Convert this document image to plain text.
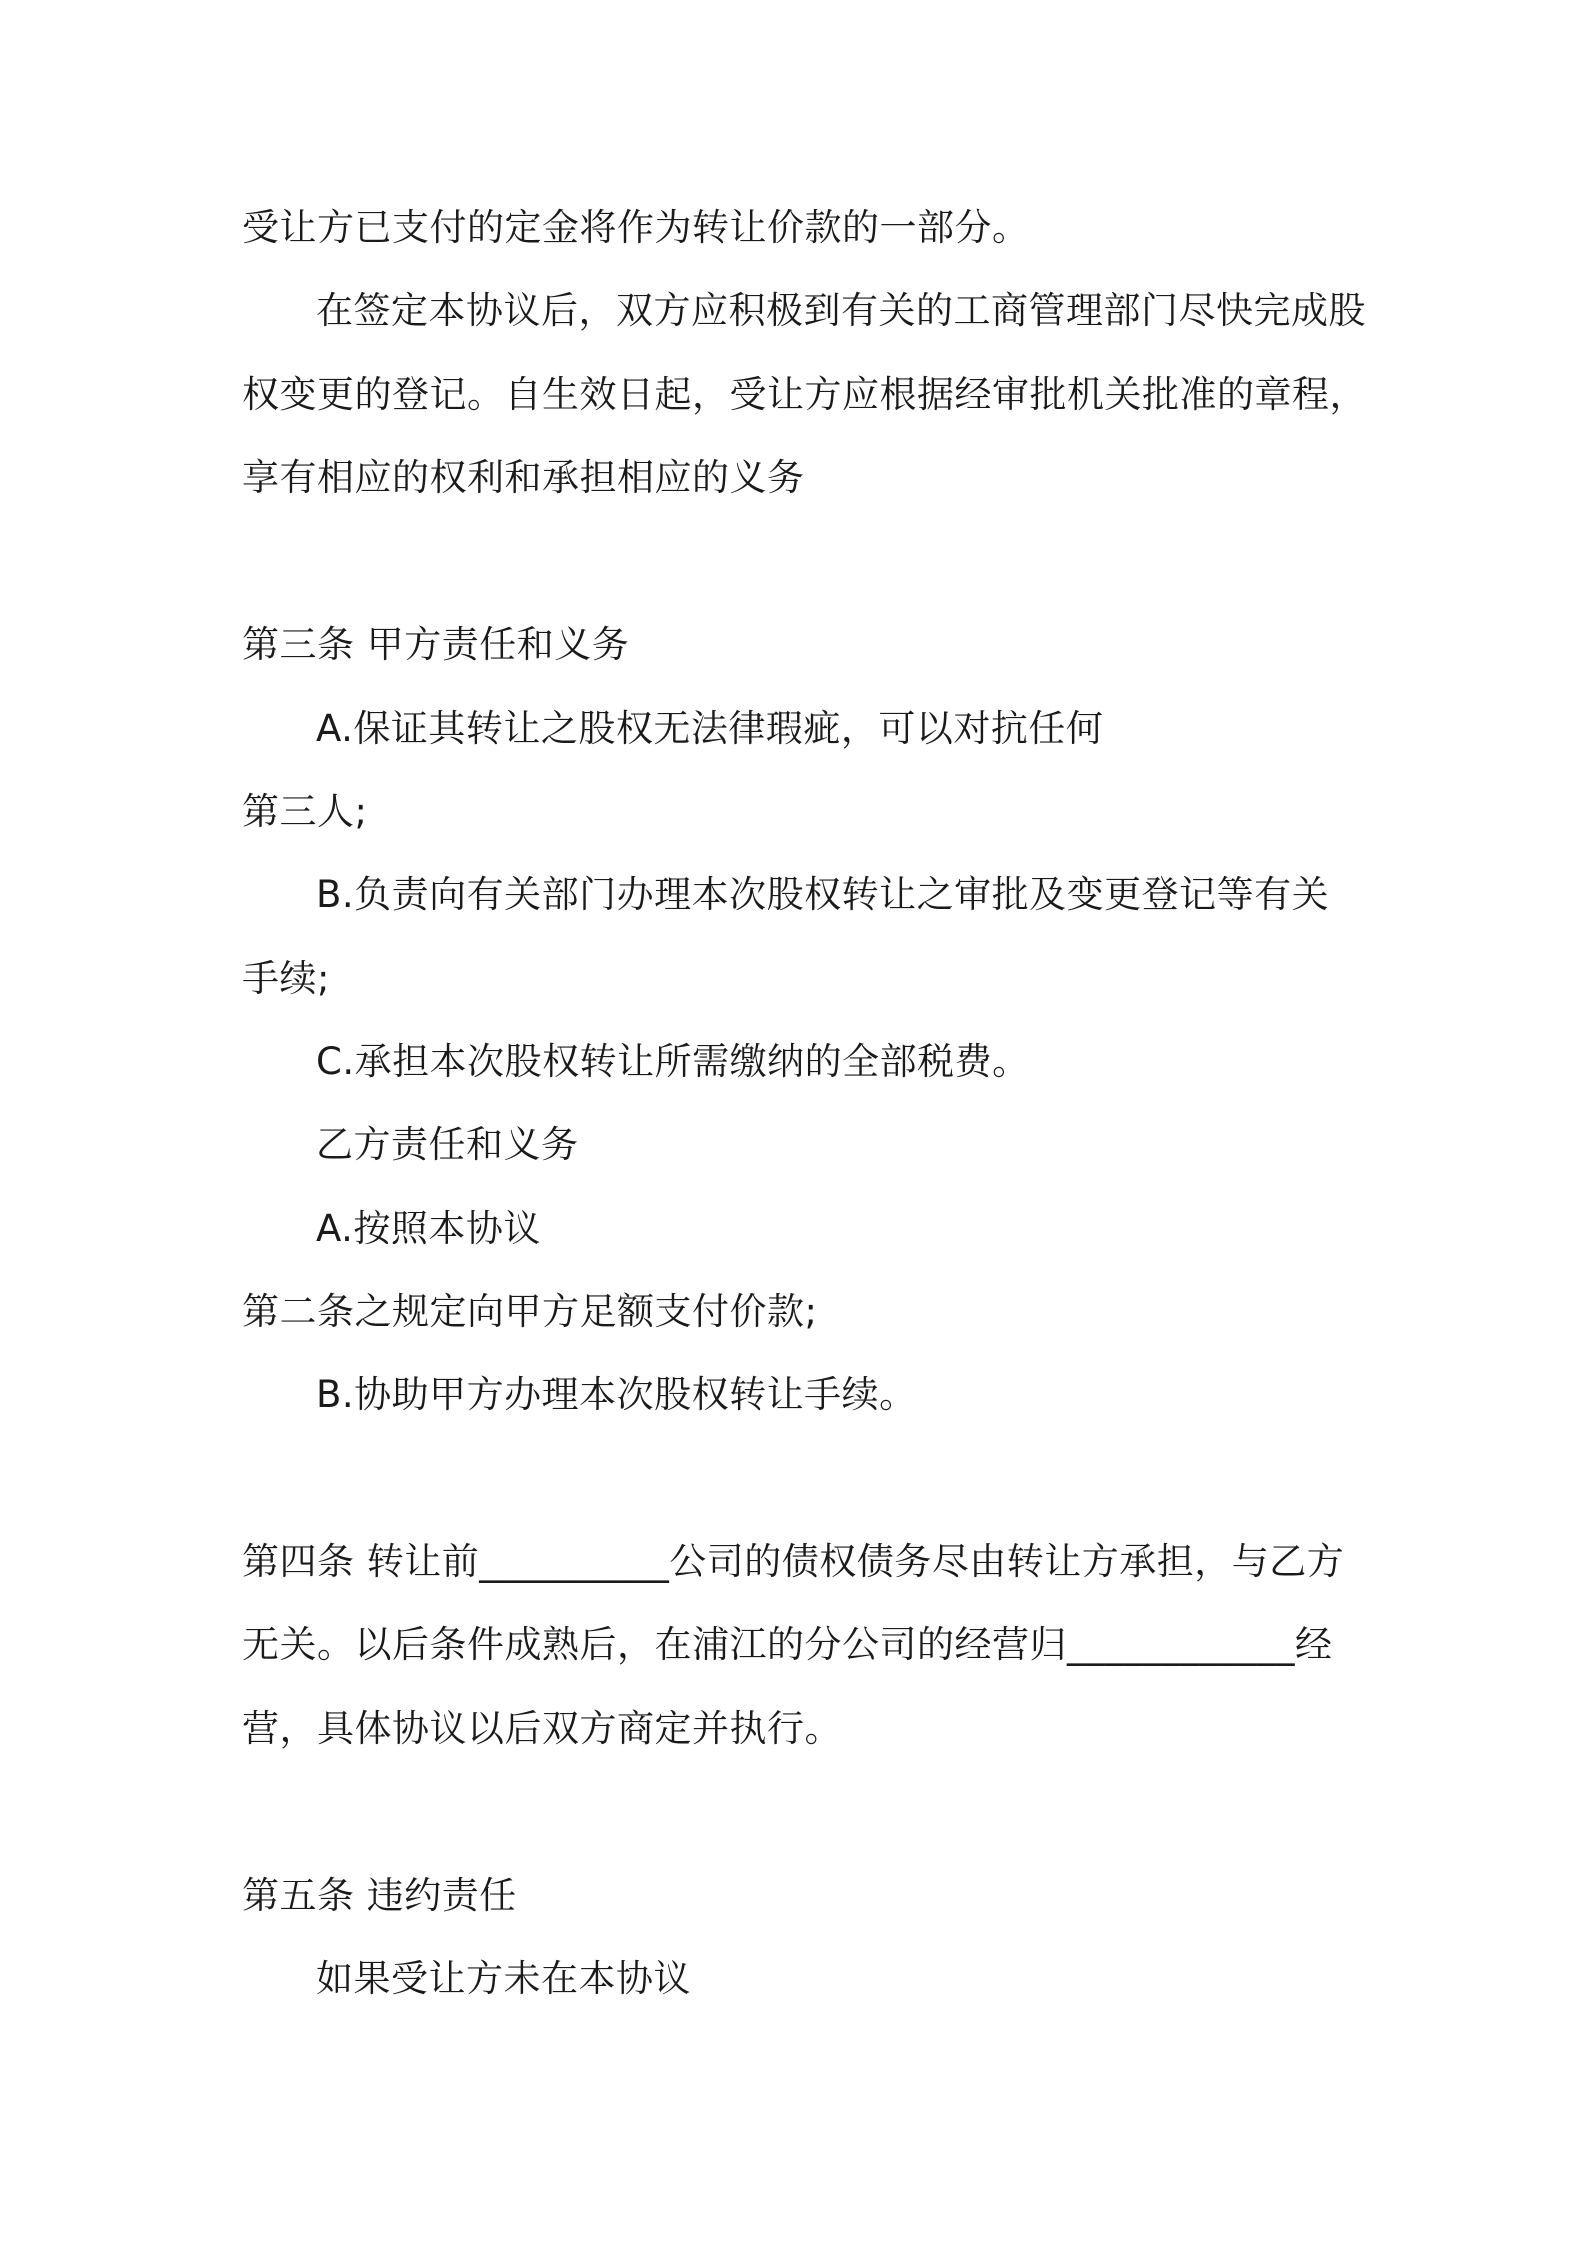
受让方已支付的定金将作为转让价款的一部分。
在签定本协议后，双方应积极到有关的工商管理部门尽快完成股
权变更的登记。自生效日起，受让方应根据经审批机关批准的章程，
享有相应的权利和承担相应的义务
第三条 甲方责任和义务
A.保证其转让之股权无法律瑕疵，可以对抗任何
第三人;
B.负责向有关部门办理本次股权转让之审批及变更登记等有关
手续;
C.承担本次股权转让所需缴纳的全部税费。
乙方责任和义务
A.按照本协议
第二条之规定向甲方足额支付价款;
B.协助甲方办理本次股权转让手续。
第四条 转让前__________公司的债权债务尽由转让方承担，与乙方
无关。以后条件成熟后，在浦江的分公司的经营归____________经
营，具体协议以后双方商定并执行。
第五条 违约责任
如果受让方未在本协议
